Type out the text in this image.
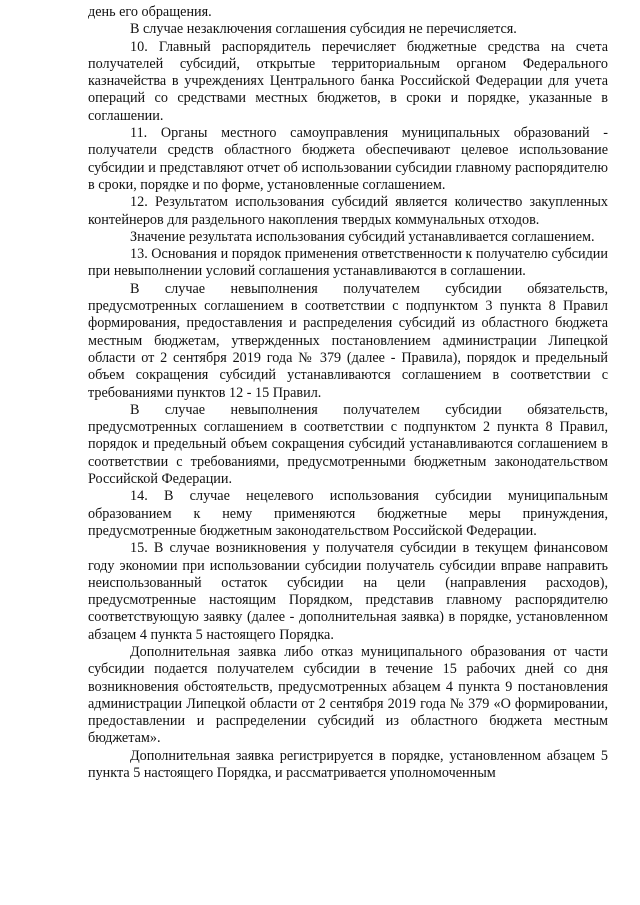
день его обращения.

В случае незаключения соглашения субсидия не перечисляется.

10. Главный распорядитель перечисляет бюджетные средства на счета получателей субсидий, открытые территориальным органом Федерального казначейства в учреждениях Центрального банка Российской Федерации для учета операций со средствами местных бюджетов, в сроки и порядке, указанные в соглашении.

11. Органы местного самоуправления муниципальных образований - получатели средств областного бюджета обеспечивают целевое использование субсидии и представляют отчет об использовании субсидии главному распорядителю в сроки, порядке и по форме, установленные соглашением.

12. Результатом использования субсидий является количество закупленных контейнеров для раздельного накопления твердых коммунальных отходов.

Значение результата использования субсидий устанавливается соглашением.

13. Основания и порядок применения ответственности к получателю субсидии при невыполнении условий соглашения устанавливаются в соглашении.

В случае невыполнения получателем субсидии обязательств, предусмотренных соглашением в соответствии с подпунктом 3 пункта 8 Правил формирования, предоставления и распределения субсидий из областного бюджета местным бюджетам, утвержденных постановлением администрации Липецкой области от 2 сентября 2019 года № 379 (далее - Правила), порядок и предельный объем сокращения субсидий устанавливаются соглашением в соответствии с требованиями пунктов 12 - 15 Правил.

В случае невыполнения получателем субсидии обязательств, предусмотренных соглашением в соответствии с подпунктом 2 пункта 8 Правил, порядок и предельный объем сокращения субсидий устанавливаются соглашением в соответствии с требованиями, предусмотренными бюджетным законодательством Российской Федерации.

14. В случае нецелевого использования субсидии муниципальным образованием к нему применяются бюджетные меры принуждения, предусмотренные бюджетным законодательством Российской Федерации.

15. В случае возникновения у получателя субсидии в текущем финансовом году экономии при использовании субсидии получатель субсидии вправе направить неиспользованный остаток субсидии на цели (направления расходов), предусмотренные настоящим Порядком, представив главному распорядителю соответствующую заявку (далее - дополнительная заявка) в порядке, установленном абзацем 4 пункта 5 настоящего Порядка.

Дополнительная заявка либо отказ муниципального образования от части субсидии подается получателем субсидии в течение 15 рабочих дней со дня возникновения обстоятельств, предусмотренных абзацем 4 пункта 9 постановления администрации Липецкой области от 2 сентября 2019 года № 379 «О формировании, предоставлении и распределении субсидий из областного бюджета местным бюджетам».

Дополнительная заявка регистрируется в порядке, установленном абзацем 5 пункта 5 настоящего Порядка, и рассматривается уполномоченным
